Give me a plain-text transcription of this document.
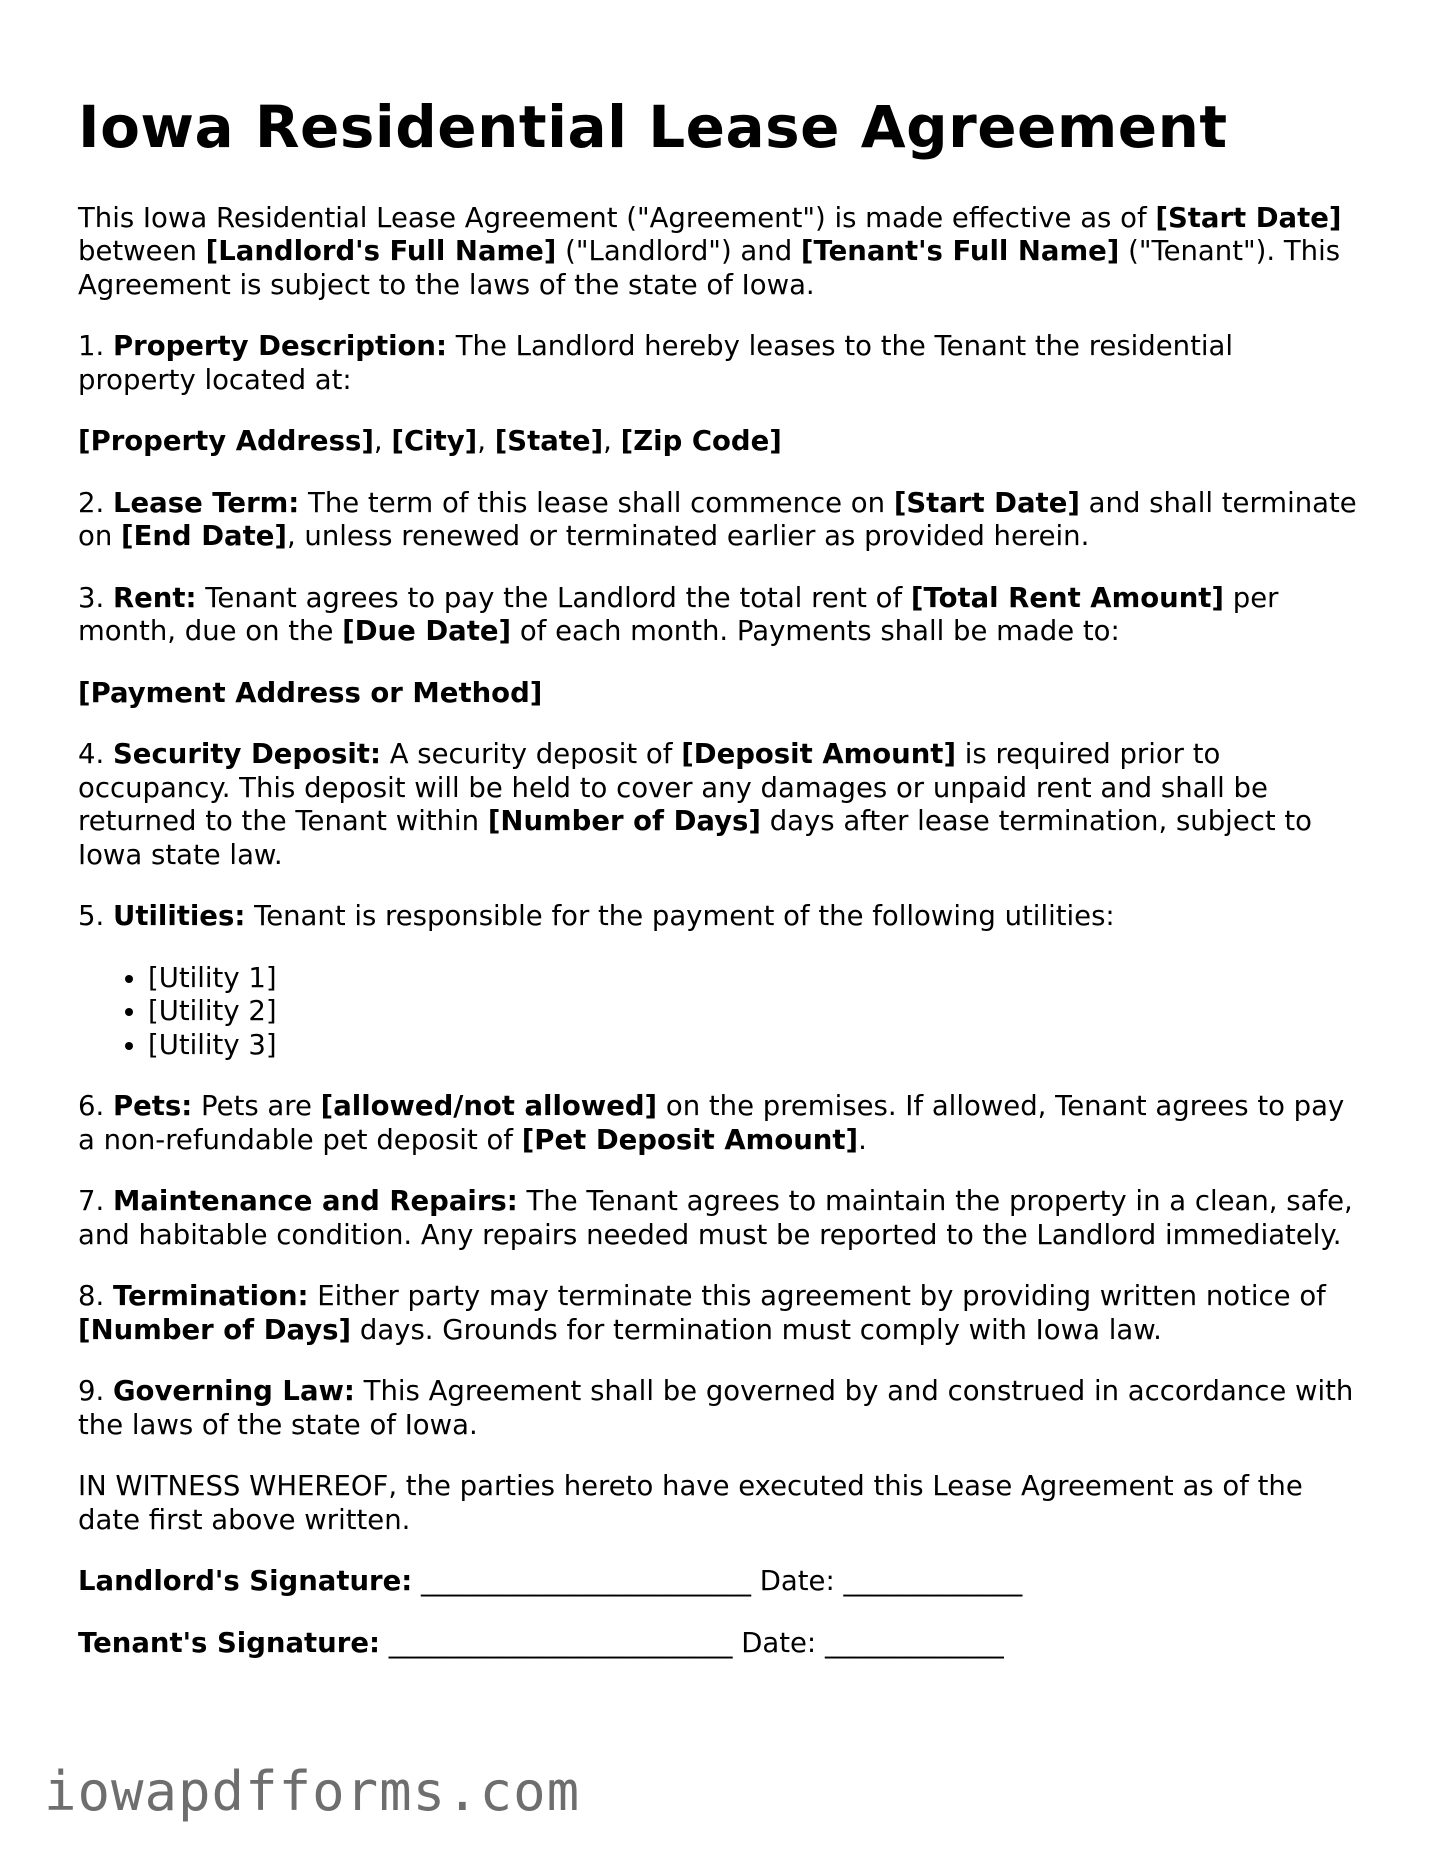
Iowa Residential Lease Agreement

This Iowa Residential Lease Agreement ("Agreement") is made effective as of [Start Date] between [Landlord's Full Name] ("Landlord") and [Tenant's Full Name] ("Tenant"). This Agreement is subject to the laws of the state of Iowa.

1. Property Description: The Landlord hereby leases to the Tenant the residential property located at:

[Property Address], [City], [State], [Zip Code]

2. Lease Term: The term of this lease shall commence on [Start Date] and shall terminate on [End Date], unless renewed or terminated earlier as provided herein.

3. Rent: Tenant agrees to pay the Landlord the total rent of [Total Rent Amount] per month, due on the [Due Date] of each month. Payments shall be made to:

[Payment Address or Method]

4. Security Deposit: A security deposit of [Deposit Amount] is required prior to occupancy. This deposit will be held to cover any damages or unpaid rent and shall be returned to the Tenant within [Number of Days] days after lease termination, subject to Iowa state law.

5. Utilities: Tenant is responsible for the payment of the following utilities:

• [Utility 1]
• [Utility 2]
• [Utility 3]

6. Pets: Pets are [allowed/not allowed] on the premises. If allowed, Tenant agrees to pay a non-refundable pet deposit of [Pet Deposit Amount].

7. Maintenance and Repairs: The Tenant agrees to maintain the property in a clean, safe, and habitable condition. Any repairs needed must be reported to the Landlord immediately.

8. Termination: Either party may terminate this agreement by providing written notice of [Number of Days] days. Grounds for termination must comply with Iowa law.

9. Governing Law: This Agreement shall be governed by and construed in accordance with the laws of the state of Iowa.

IN WITNESS WHEREOF, the parties hereto have executed this Lease Agreement as of the date first above written.

Landlord's Signature: ________________________ Date: _____________

Tenant's Signature: _________________________ Date: _____________

iowapdfforms.com
